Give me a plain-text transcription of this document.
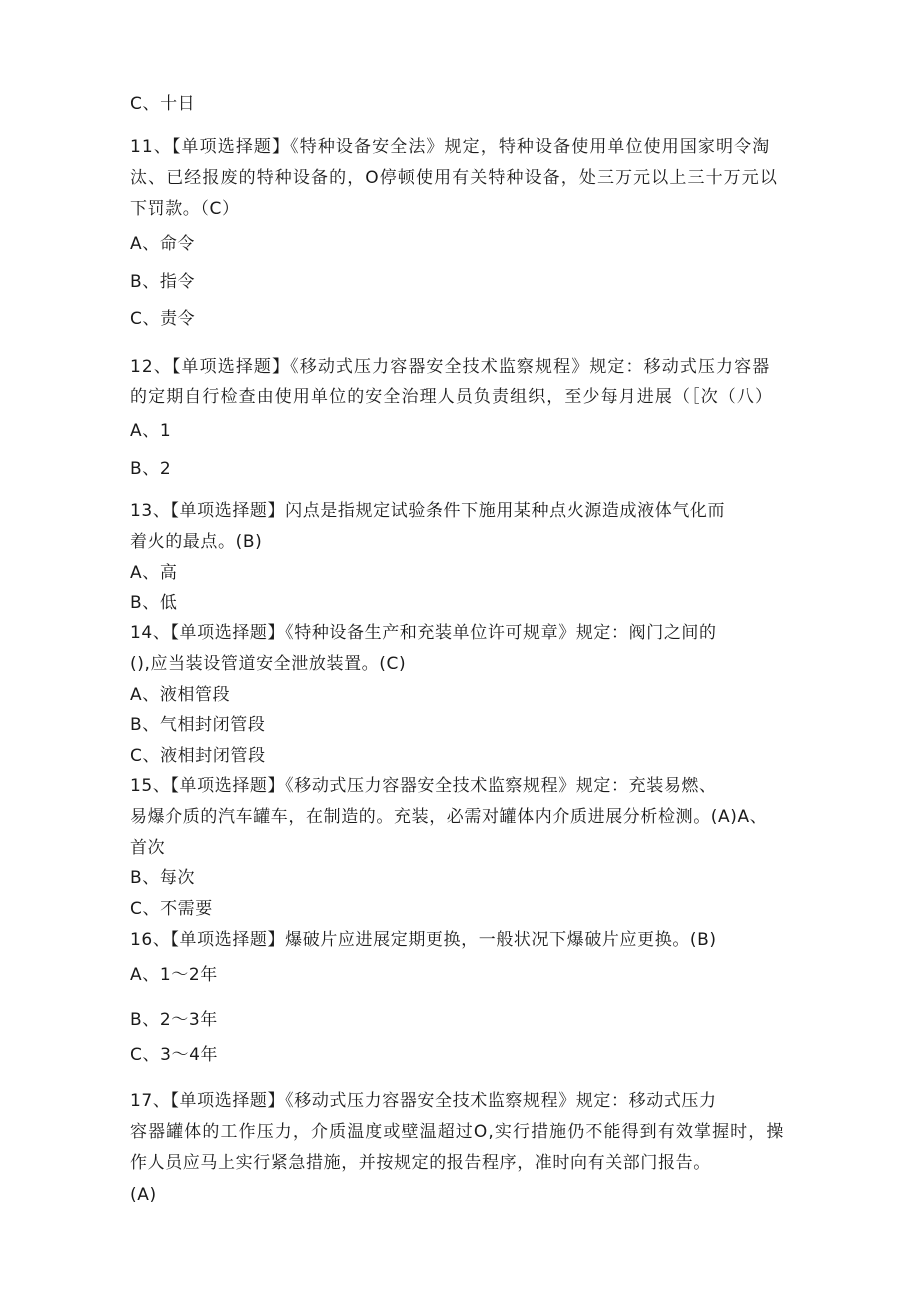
C、十日
11、【单项选择题】《特种设备安全法》规定，特种设备使用单位使用国家明令淘
汰、已经报废的特种设备的，O停顿使用有关特种设备，处三万元以上三十万元以
下罚款。（C）
A、命令
B、指令
C、责令
12、【单项选择题】《移动式压力容器安全技术监察规程》规定：移动式压力容器
的定期自行检查由使用单位的安全治理人员负责组织，至少每月进展（［次（八）
A、1
B、2
13、【单项选择题】闪点是指规定试验条件下施用某种点火源造成液体气化而
着火的最点。(B)
A、高
B、低
14、【单项选择题】《特种设备生产和充装单位许可规章》规定：阀门之间的
(),应当装设管道安全泄放装置。(C)
A、液相管段
B、气相封闭管段
C、液相封闭管段
15、【单项选择题】《移动式压力容器安全技术监察规程》规定：充装易燃、
易爆介质的汽车罐车，在制造的。充装，必需对罐体内介质进展分析检测。(A)A、
首次
B、每次
C、不需要
16、【单项选择题】爆破片应进展定期更换，一般状况下爆破片应更换。(B)
A、1～2年
B、2～3年
C、3～4年
17、【单项选择题】《移动式压力容器安全技术监察规程》规定：移动式压力
容器罐体的工作压力，介质温度或壁温超过O,实行措施仍不能得到有效掌握时，操
作人员应马上实行紧急措施，并按规定的报告程序，准时向有关部门报告。
(A)
